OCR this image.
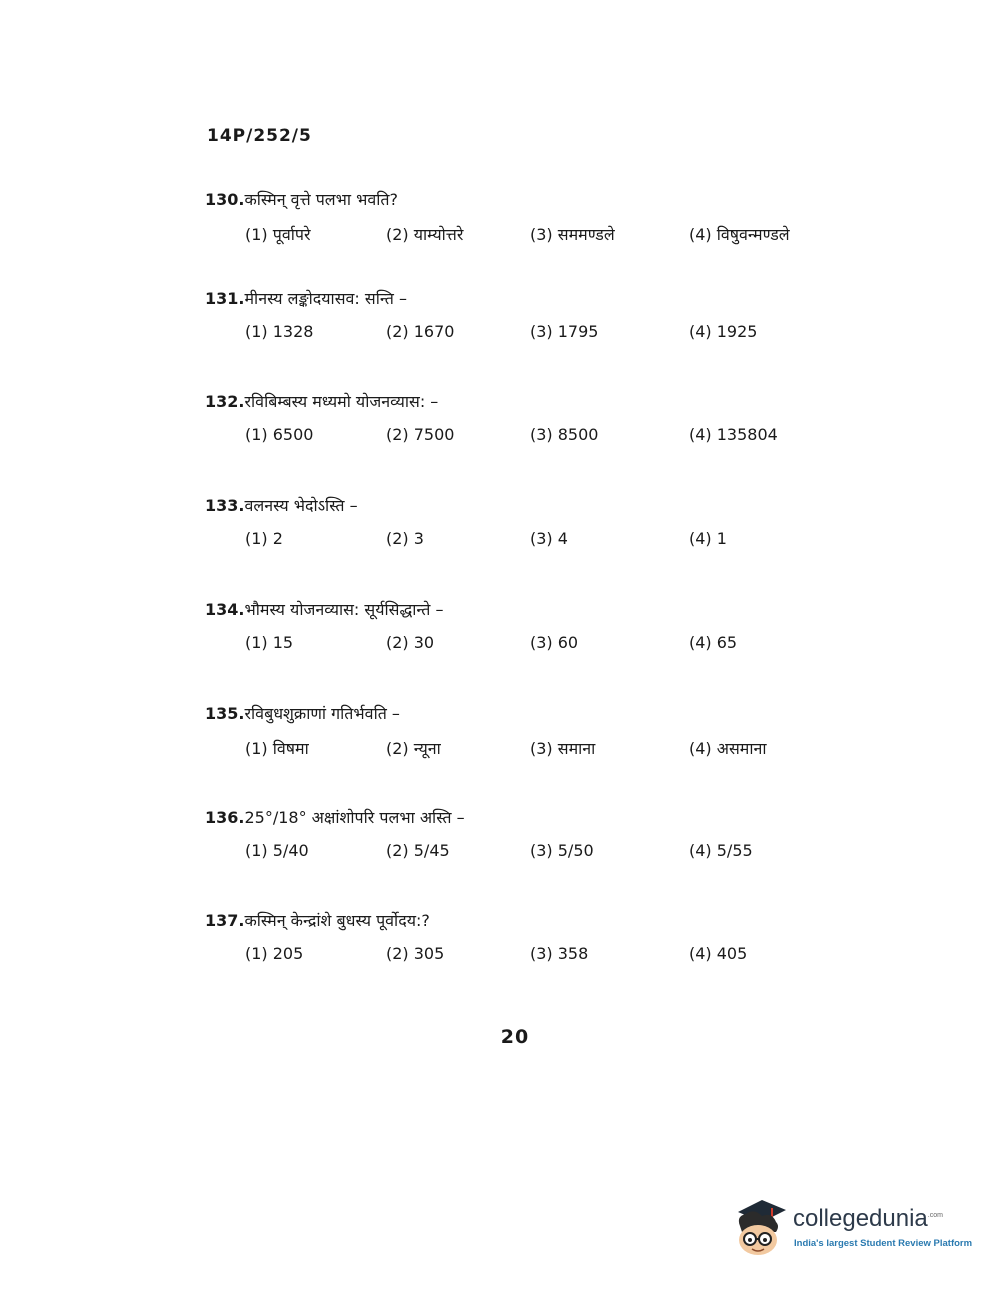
14P/252/5
130.कस्मिन् वृत्ते पलभा भवति?
(1) पूर्वापरे	(2) याम्योत्तरे	(3) सममण्डले	(4) विषुवन्मण्डले
131.मीनस्य लङ्कोदयासव: सन्ति –
(1) 1328	(2) 1670	(3) 1795	(4) 1925
132.रविबिम्बस्य मध्यमो योजनव्यास: –
(1) 6500	(2) 7500	(3) 8500	(4) 135804
133.वलनस्य भेदोऽस्ति –
(1) 2	(2) 3	(3) 4	(4) 1
134.भौमस्य योजनव्यास: सूर्यसिद्धान्ते –
(1) 15	(2) 30	(3) 60	(4) 65
135.रविबुधशुक्राणां गतिर्भवति –
(1) विषमा	(2) न्यूना	(3) समाना	(4) असमाना
136.25°/18° अक्षांशोपरि पलभा अस्ति –
(1) 5/40	(2) 5/45	(3) 5/50	(4) 5/55
137.कस्मिन् केन्द्रांशे बुधस्य पूर्वोदय:?
(1) 205	(2) 305	(3) 358	(4) 405
20
collegedunia$^{.com}$
India's largest Student Review Platform
